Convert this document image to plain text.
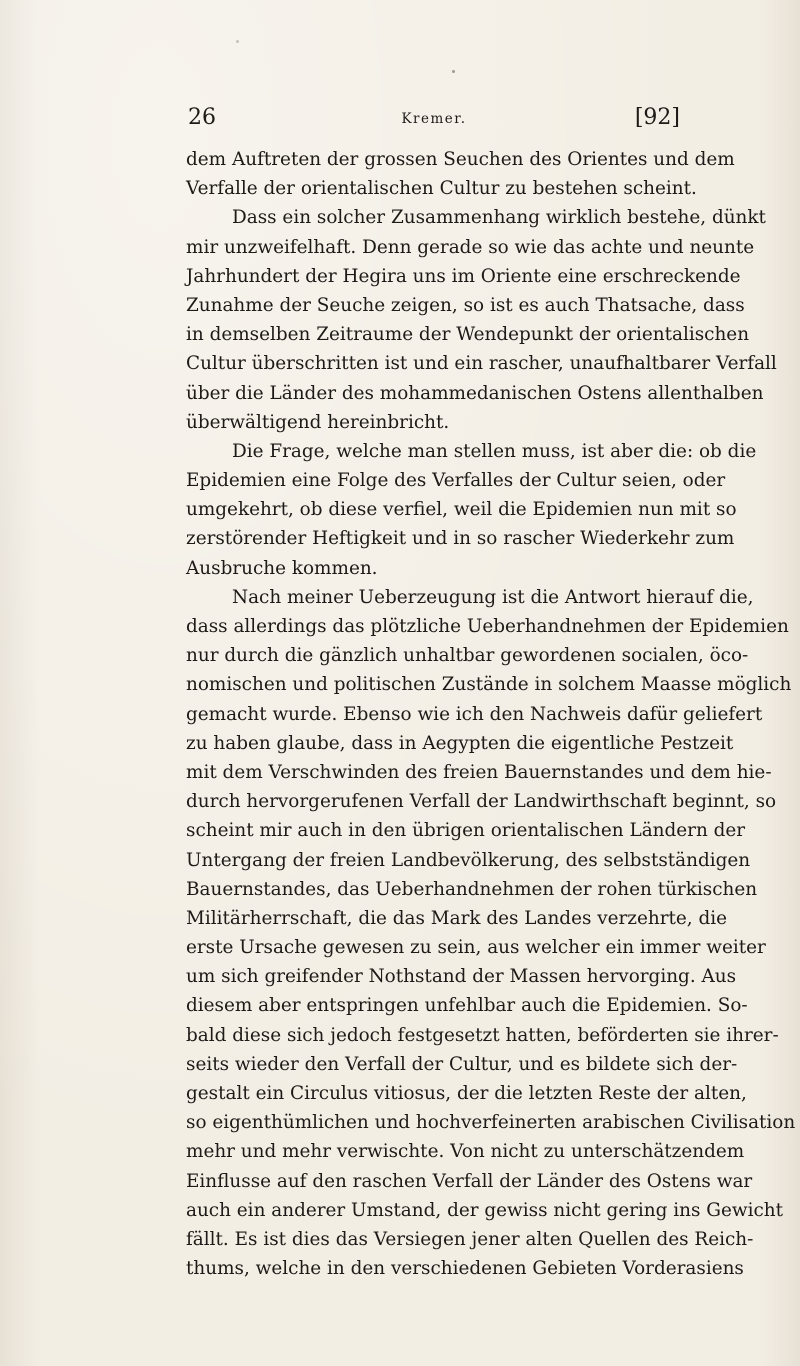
26	Kremer.	[92]
dem Auftreten der grossen Seuchen des Orientes und dem
Verfalle der orientalischen Cultur zu bestehen scheint.
Dass ein solcher Zusammenhang wirklich bestehe, dünkt
mir unzweifelhaft. Denn gerade so wie das achte und neunte
Jahrhundert der Hegira uns im Oriente eine erschreckende
Zunahme der Seuche zeigen, so ist es auch Thatsache, dass
in demselben Zeitraume der Wendepunkt der orientalischen
Cultur überschritten ist und ein rascher, unaufhaltbarer Verfall
über die Länder des mohammedanischen Ostens allenthalben
überwältigend hereinbricht.
Die Frage, welche man stellen muss, ist aber die: ob die
Epidemien eine Folge des Verfalles der Cultur seien, oder
umgekehrt, ob diese verfiel, weil die Epidemien nun mit so
zerstörender Heftigkeit und in so rascher Wiederkehr zum
Ausbruche kommen.
Nach meiner Ueberzeugung ist die Antwort hierauf die,
dass allerdings das plötzliche Ueberhandnehmen der Epidemien
nur durch die gänzlich unhaltbar gewordenen socialen, öco-
nomischen und politischen Zustände in solchem Maasse möglich
gemacht wurde. Ebenso wie ich den Nachweis dafür geliefert
zu haben glaube, dass in Aegypten die eigentliche Pestzeit
mit dem Verschwinden des freien Bauernstandes und dem hie-
durch hervorgerufenen Verfall der Landwirthschaft beginnt, so
scheint mir auch in den übrigen orientalischen Ländern der
Untergang der freien Landbevölkerung, des selbstständigen
Bauernstandes, das Ueberhandnehmen der rohen türkischen
Militärherrschaft, die das Mark des Landes verzehrte, die
erste Ursache gewesen zu sein, aus welcher ein immer weiter
um sich greifender Nothstand der Massen hervorging. Aus
diesem aber entspringen unfehlbar auch die Epidemien. So-
bald diese sich jedoch festgesetzt hatten, beförderten sie ihrer-
seits wieder den Verfall der Cultur, und es bildete sich der-
gestalt ein Circulus vitiosus, der die letzten Reste der alten,
so eigenthümlichen und hochverfeinerten arabischen Civilisation
mehr und mehr verwischte. Von nicht zu unterschätzendem
Einflusse auf den raschen Verfall der Länder des Ostens war
auch ein anderer Umstand, der gewiss nicht gering ins Gewicht
fällt. Es ist dies das Versiegen jener alten Quellen des Reich-
thums, welche in den verschiedenen Gebieten Vorderasiens
